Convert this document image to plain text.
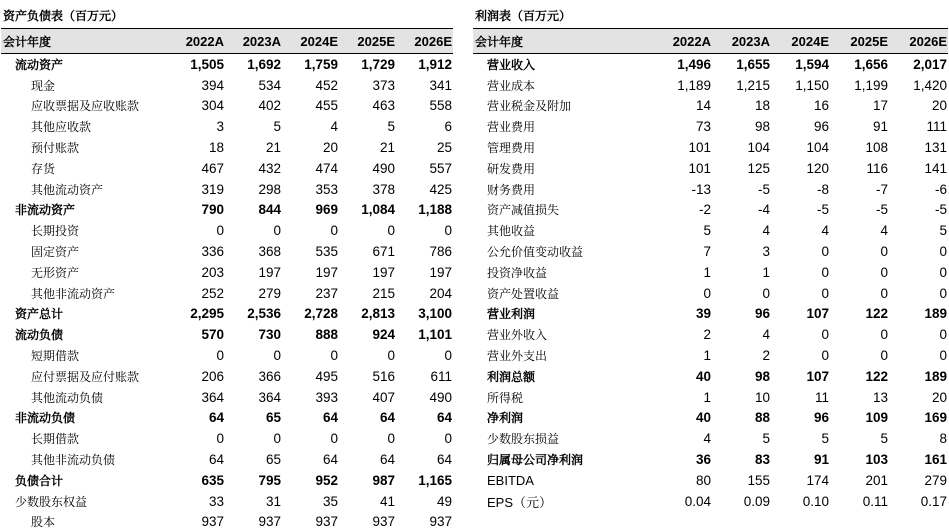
资产负债表（百万元）
会计年度	2022A	2023A	2024E	2025E	2026E
流动资产	1,505	1,692	1,759	1,729	1,912
现金	394	534	452	373	341
应收票据及应收账款	304	402	455	463	558
其他应收款	3	5	4	5	6
预付账款	18	21	20	21	25
存货	467	432	474	490	557
其他流动资产	319	298	353	378	425
非流动资产	790	844	969	1,084	1,188
长期投资	0	0	0	0	0
固定资产	336	368	535	671	786
无形资产	203	197	197	197	197
其他非流动资产	252	279	237	215	204
资产总计	2,295	2,536	2,728	2,813	3,100
流动负债	570	730	888	924	1,101
短期借款	0	0	0	0	0
应付票据及应付账款	206	366	495	516	611
其他流动负债	364	364	393	407	490
非流动负债	64	65	64	64	64
长期借款	0	0	0	0	0
其他非流动负债	64	65	64	64	64
负债合计	635	795	952	987	1,165
少数股东权益	33	31	35	41	49
股本	937	937	937	937	937
利润表（百万元）
会计年度	2022A	2023A	2024E	2025E	2026E
营业收入	1,496	1,655	1,594	1,656	2,017
营业成本	1,189	1,215	1,150	1,199	1,420
营业税金及附加	14	18	16	17	20
营业费用	73	98	96	91	111
管理费用	101	104	104	108	131
研发费用	101	125	120	116	141
财务费用	-13	-5	-8	-7	-6
资产减值损失	-2	-4	-5	-5	-5
其他收益	5	4	4	4	5
公允价值变动收益	7	3	0	0	0
投资净收益	1	1	0	0	0
资产处置收益	0	0	0	0	0
营业利润	39	96	107	122	189
营业外收入	2	4	0	0	0
营业外支出	1	2	0	0	0
利润总额	40	98	107	122	189
所得税	1	10	11	13	20
净利润	40	88	96	109	169
少数股东损益	4	5	5	5	8
归属母公司净利润	36	83	91	103	161
EBITDA	80	155	174	201	279
EPS（元）	0.04	0.09	0.10	0.11	0.17
